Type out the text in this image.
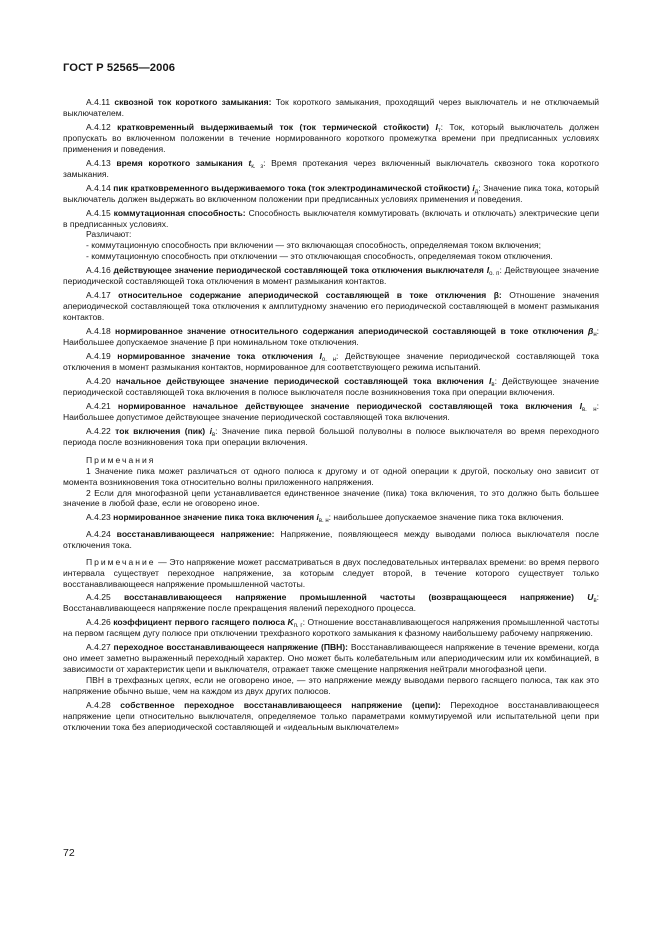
ГОСТ Р 52565—2006

А.4.11 сквозной ток короткого замыкания: Ток короткого замыкания, проходящий через выключатель и не отключаемый выключателем.

А.4.12 кратковременный выдерживаемый ток (ток термической стойкости) $I_т$: Ток, который выключатель должен пропускать во включенном положении в течение нормированного короткого промежутка времени при предписанных условиях применения и поведения.

А.4.13 время короткого замыкания $t_{к. з}$: Время протекания через включенный выключатель сквозного тока короткого замыкания.

А.4.14 пик кратковременного выдерживаемого тока (ток электродинамической стойкости) $i_д$: Значение пика тока, который выключатель должен выдержать во включенном положении при предписанных условиях применения и поведения.

А.4.15 коммутационная способность: Способность выключателя коммутировать (включать и отключать) электрические цепи в предписанных условиях.

Различают:

- коммутационную способность при включении — это включающая способность, определяемая током включения;

- коммутационную способность при отключении — это отключающая способность, определяемая током отключения.

А.4.16 действующее значение периодической составляющей тока отключения выключателя $I_{о. п}$: Действующее значение периодической составляющей тока отключения в момент размыкания контактов.

А.4.17 относительное содержание апериодической составляющей в токе отключения β: Отношение значения апериодической составляющей тока отключения к амплитудному значению его периодической составляющей в момент размыкания контактов.

А.4.18 нормированное значение относительного содержания апериодической составляющей в токе отключения $\beta_н$: Наибольшее допускаемое значение β при номинальном токе отключения.

А.4.19 нормированное значение тока отключения $I_{о. н}$: Действующее значение периодической составляющей тока отключения в момент размыкания контактов, нормированное для соответствующего режима испытаний.

А.4.20 начальное действующее значение периодической составляющей тока включения $I_в$: Действующее значение периодической составляющей тока включения в полюсе выключателя после возникновения тока при операции включения.

А.4.21 нормированное начальное действующее значение периодической составляющей тока включения $I_{в. н}$: Наибольшее допустимое действующее значение периодической составляющей тока включения.

А.4.22 ток включения (пик) $i_в$: Значение пика первой большой полуволны в полюсе выключателя во время переходного периода после возникновения тока при операции включения.

Примечания

1 Значение пика может различаться от одного полюса к другому и от одной операции к другой, поскольку оно зависит от момента возникновения тока относительно волны приложенного напряжения.

2 Если для многофазной цепи устанавливается единственное значение (пика) тока включения, то это должно быть большее значение в любой фазе, если не оговорено иное.

А.4.23 нормированное значение пика тока включения $i_{в. н}$: наибольшее допускаемое значение пика тока включения.

А.4.24 восстанавливающееся напряжение: Напряжение, появляющееся между выводами полюса выключателя после отключения тока.

Примечание — Это напряжение может рассматриваться в двух последовательных интервалах времени: во время первого интервала существует переходное напряжение, за которым следует второй, в течение которого существует только восстанавливающееся напряжение промышленной частоты.

А.4.25 восстанавливающееся напряжение промышленной частоты (возвращающееся напряжение) $U_в$: Восстанавливающееся напряжение после прекращения явлений переходного процесса.

А.4.26 коэффициент первого гасящего полюса $K_{п. г}$: Отношение восстанавливающегося напряжения промышленной частоты на первом гасящем дугу полюсе при отключении трехфазного короткого замыкания к фазному наибольшему рабочему напряжению.

А.4.27 переходное восстанавливающееся напряжение (ПВН): Восстанавливающееся напряжение в течение времени, когда оно имеет заметно выраженный переходный характер. Оно может быть колебательным или апериодическим или их комбинацией, в зависимости от характеристик цепи и выключателя, отражает также смещение напряжения нейтрали многофазной цепи.

ПВН в трехфазных цепях, если не оговорено иное, — это напряжение между выводами первого гасящего полюса, так как это напряжение обычно выше, чем на каждом из двух других полюсов.

А.4.28 собственное переходное восстанавливающееся напряжение (цепи): Переходное восстанавливающееся напряжение цепи относительно выключателя, определяемое только параметрами коммутируемой или испытательной цепи при отключении тока без апериодической составляющей и «идеальным выключателем»

72
